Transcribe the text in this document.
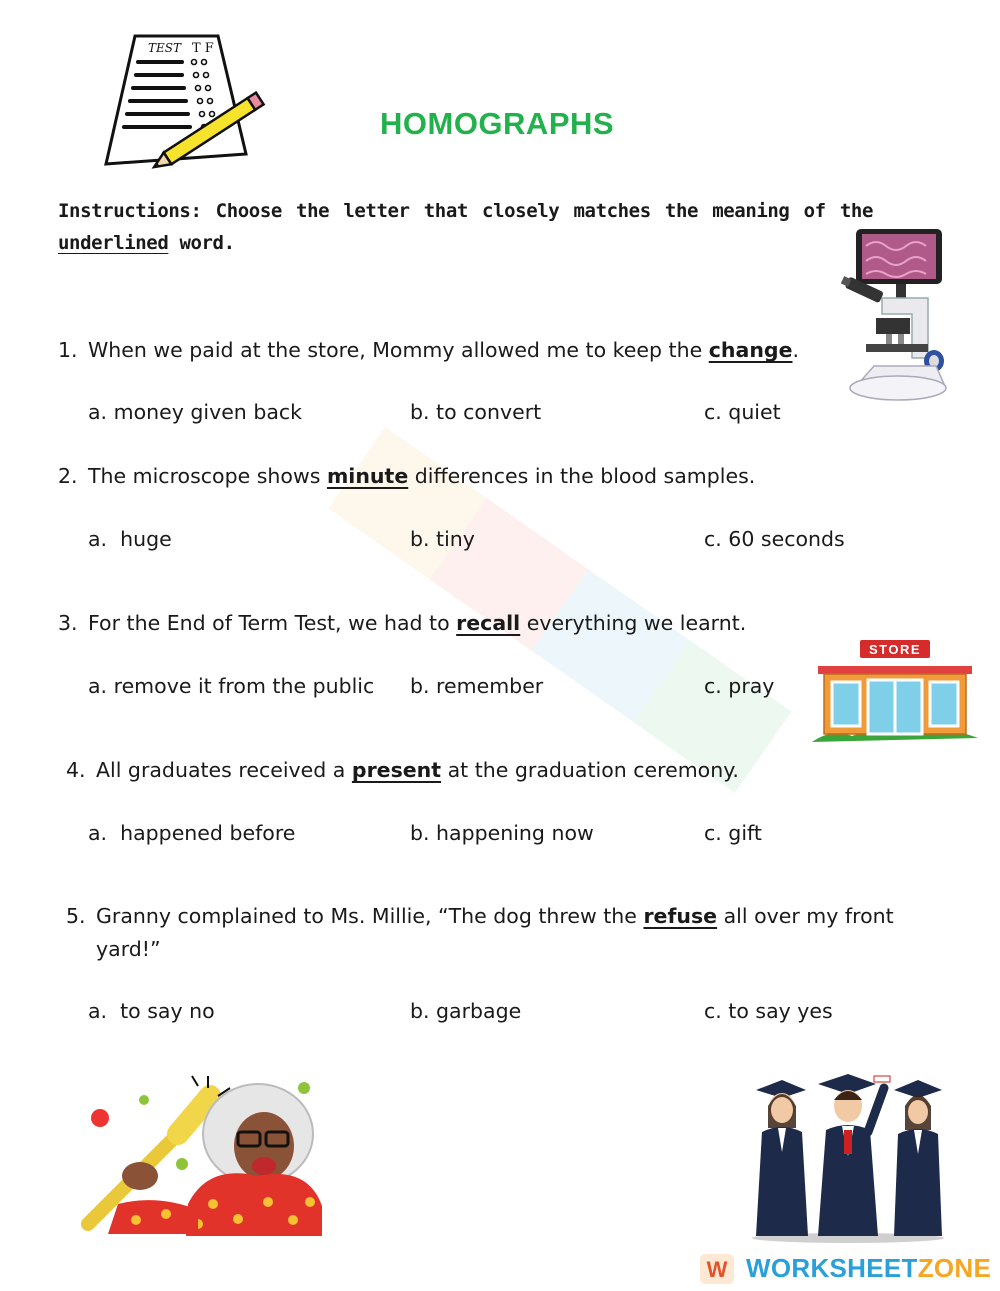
TEST T F
HOMOGRAPHS
Instructions: Choose the letter that closely matches the meaning of the underlined word.
1. When we paid at the store, Mommy allowed me to keep the change.
a. money given back	b. to convert	c. quiet
2. The microscope shows minute differences in the blood samples.
a.  huge	b. tiny	c. 60 seconds
3. For the End of Term Test, we had to recall everything we learnt.
a. remove it from the public b. remember	c. pray
STORE
4. All graduates received a present at the graduation ceremony.
a.  happened before	b. happening now	c. gift
5. Granny complained to Ms. Millie, “The dog threw the refuse all over my front yard!”
a.  to say no	b. garbage	c. to say yes
W WORKSHEETZONE
